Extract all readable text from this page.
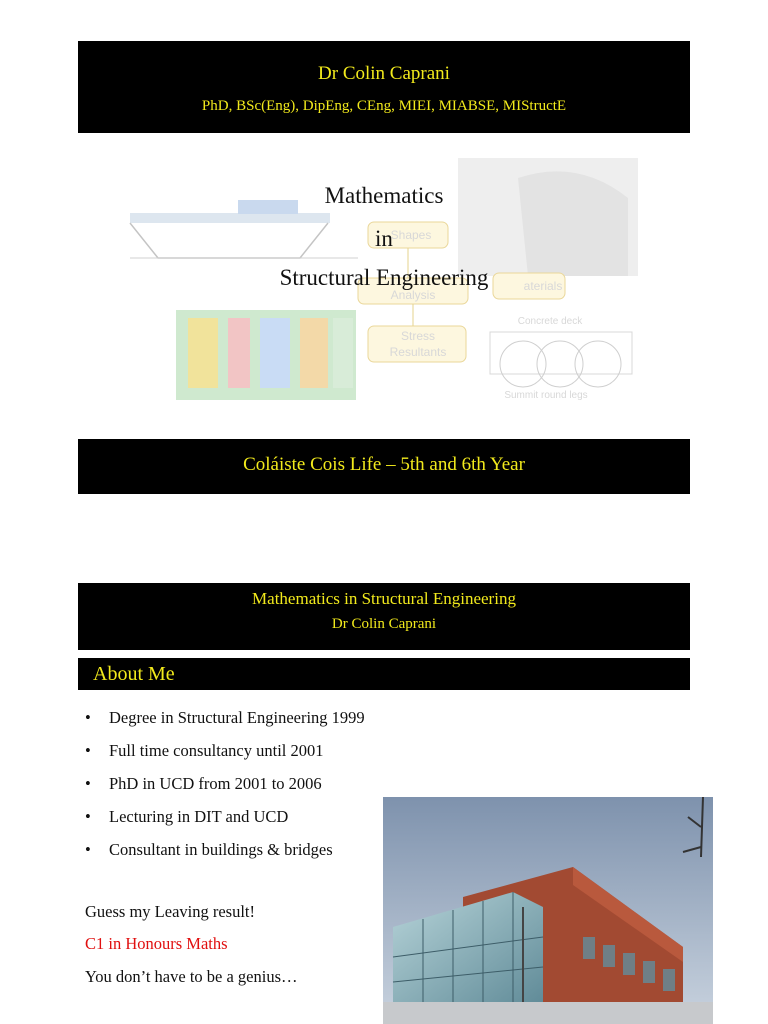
Dr Colin Caprani
PhD, BSc(Eng), DipEng, CEng, MIEI, MIABSE, MIStructE
Shapes
Analysis
aterials
Stress
Resultants
Concrete deck
Summit round legs
Mathematics
in
Structural Engineering
Coláiste Cois Life – 5th and 6th Year
Mathematics in Structural Engineering
Dr Colin Caprani
About Me
• Degree in Structural Engineering 1999
• Full time consultancy until 2001
• PhD in UCD from 2001 to 2006
• Lecturing in DIT and UCD
• Consultant in buildings & bridges
Guess my Leaving result!
C1 in Honours Maths
You don’t have to be a genius…
